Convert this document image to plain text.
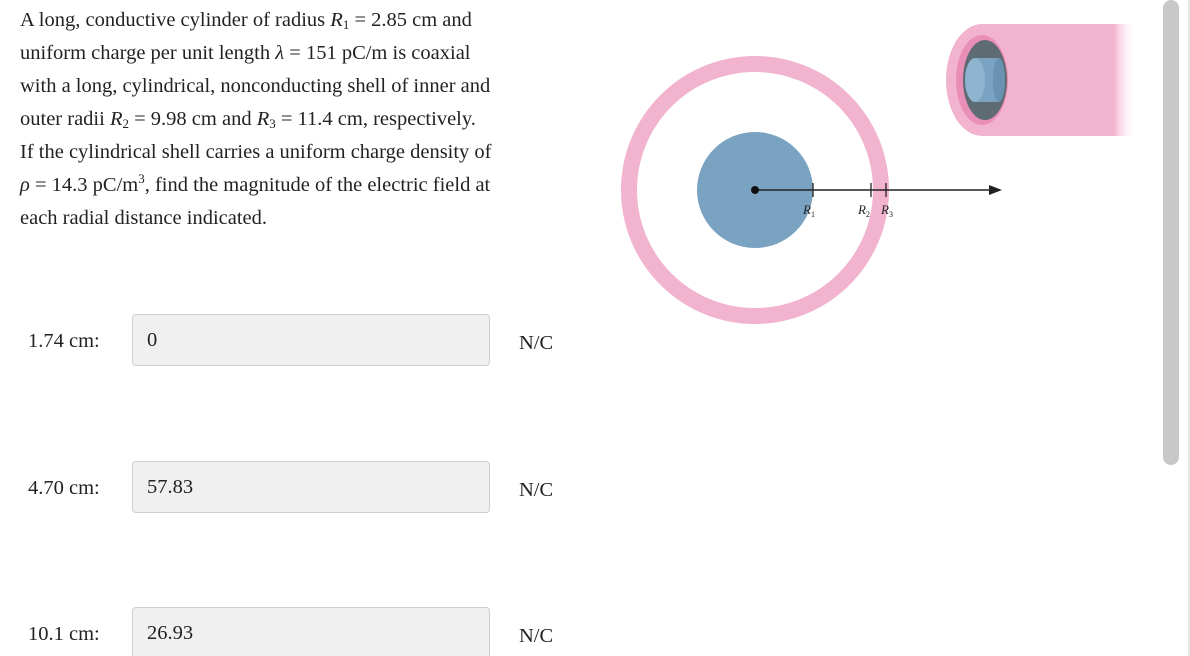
A long, conductive cylinder of radius $R_1 = 2.85$ cm and
uniform charge per unit length λ = 151 pC/m is coaxial
with a long, cylindrical, nonconducting shell of inner and
outer radii $R_2 = 9.98$ cm and $R_3 = 11.4$ cm, respectively.
If the cylindrical shell carries a uniform charge density of
ρ = 14.3 $pC/m^3$, find the magnitude of the electric field at
each radial distance indicated.

1.74 cm:
0	N/C
4.70 cm:
57.83	N/C
10.1 cm:
26.93	N/C
$R_1$	$R_2$ $R_3$
